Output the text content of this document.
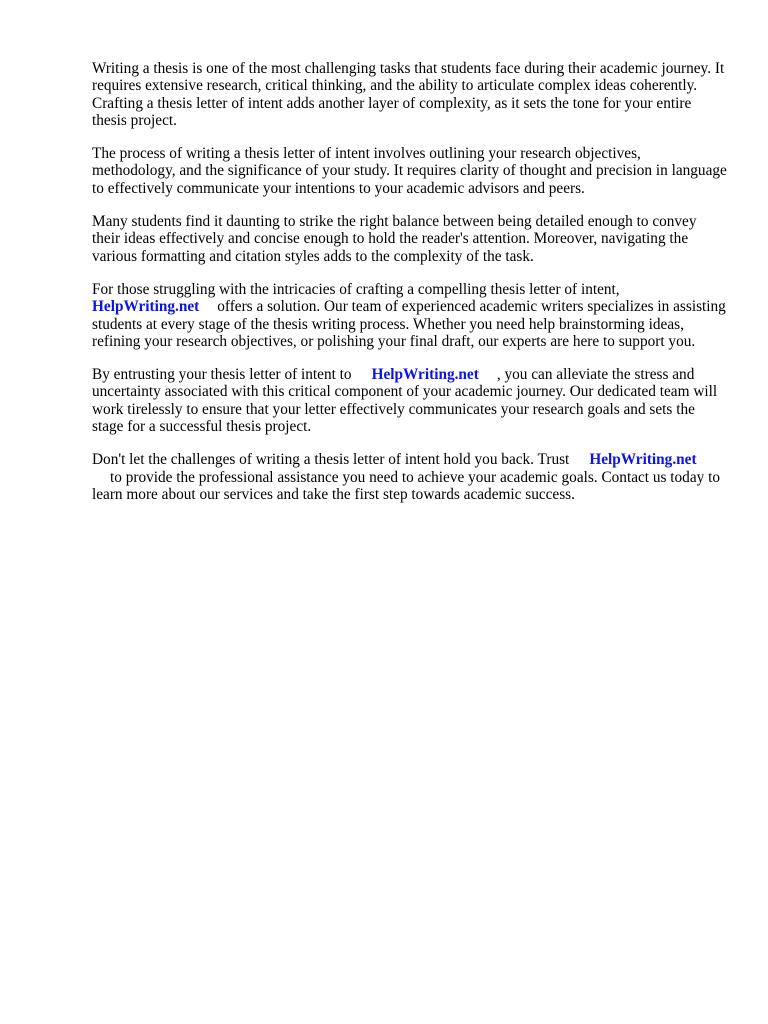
Writing a thesis is one of the most challenging tasks that students face during their academic journey. It requires extensive research, critical thinking, and the ability to articulate complex ideas coherently. Crafting a thesis letter of intent adds another layer of complexity, as it sets the tone for your entire thesis project.

The process of writing a thesis letter of intent involves outlining your research objectives, methodology, and the significance of your study. It requires clarity of thought and precision in language to effectively communicate your intentions to your academic advisors and peers.

Many students find it daunting to strike the right balance between being detailed enough to convey their ideas effectively and concise enough to hold the reader's attention. Moreover, navigating the various formatting and citation styles adds to the complexity of the task.

For those struggling with the intricacies of crafting a compelling thesis letter of intent,
HelpWriting.net offers a solution. Our team of experienced academic writers specializes in assisting students at every stage of the thesis writing process. Whether you need help brainstorming ideas, refining your research objectives, or polishing your final draft, our experts are here to support you.

By entrusting your thesis letter of intent to HelpWriting.net , you can alleviate the stress and uncertainty associated with this critical component of your academic journey. Our dedicated team will work tirelessly to ensure that your letter effectively communicates your research goals and sets the stage for a successful thesis project.

Don't let the challenges of writing a thesis letter of intent hold you back. Trust HelpWriting.net
to provide the professional assistance you need to achieve your academic goals. Contact us today to learn more about our services and take the first step towards academic success.
